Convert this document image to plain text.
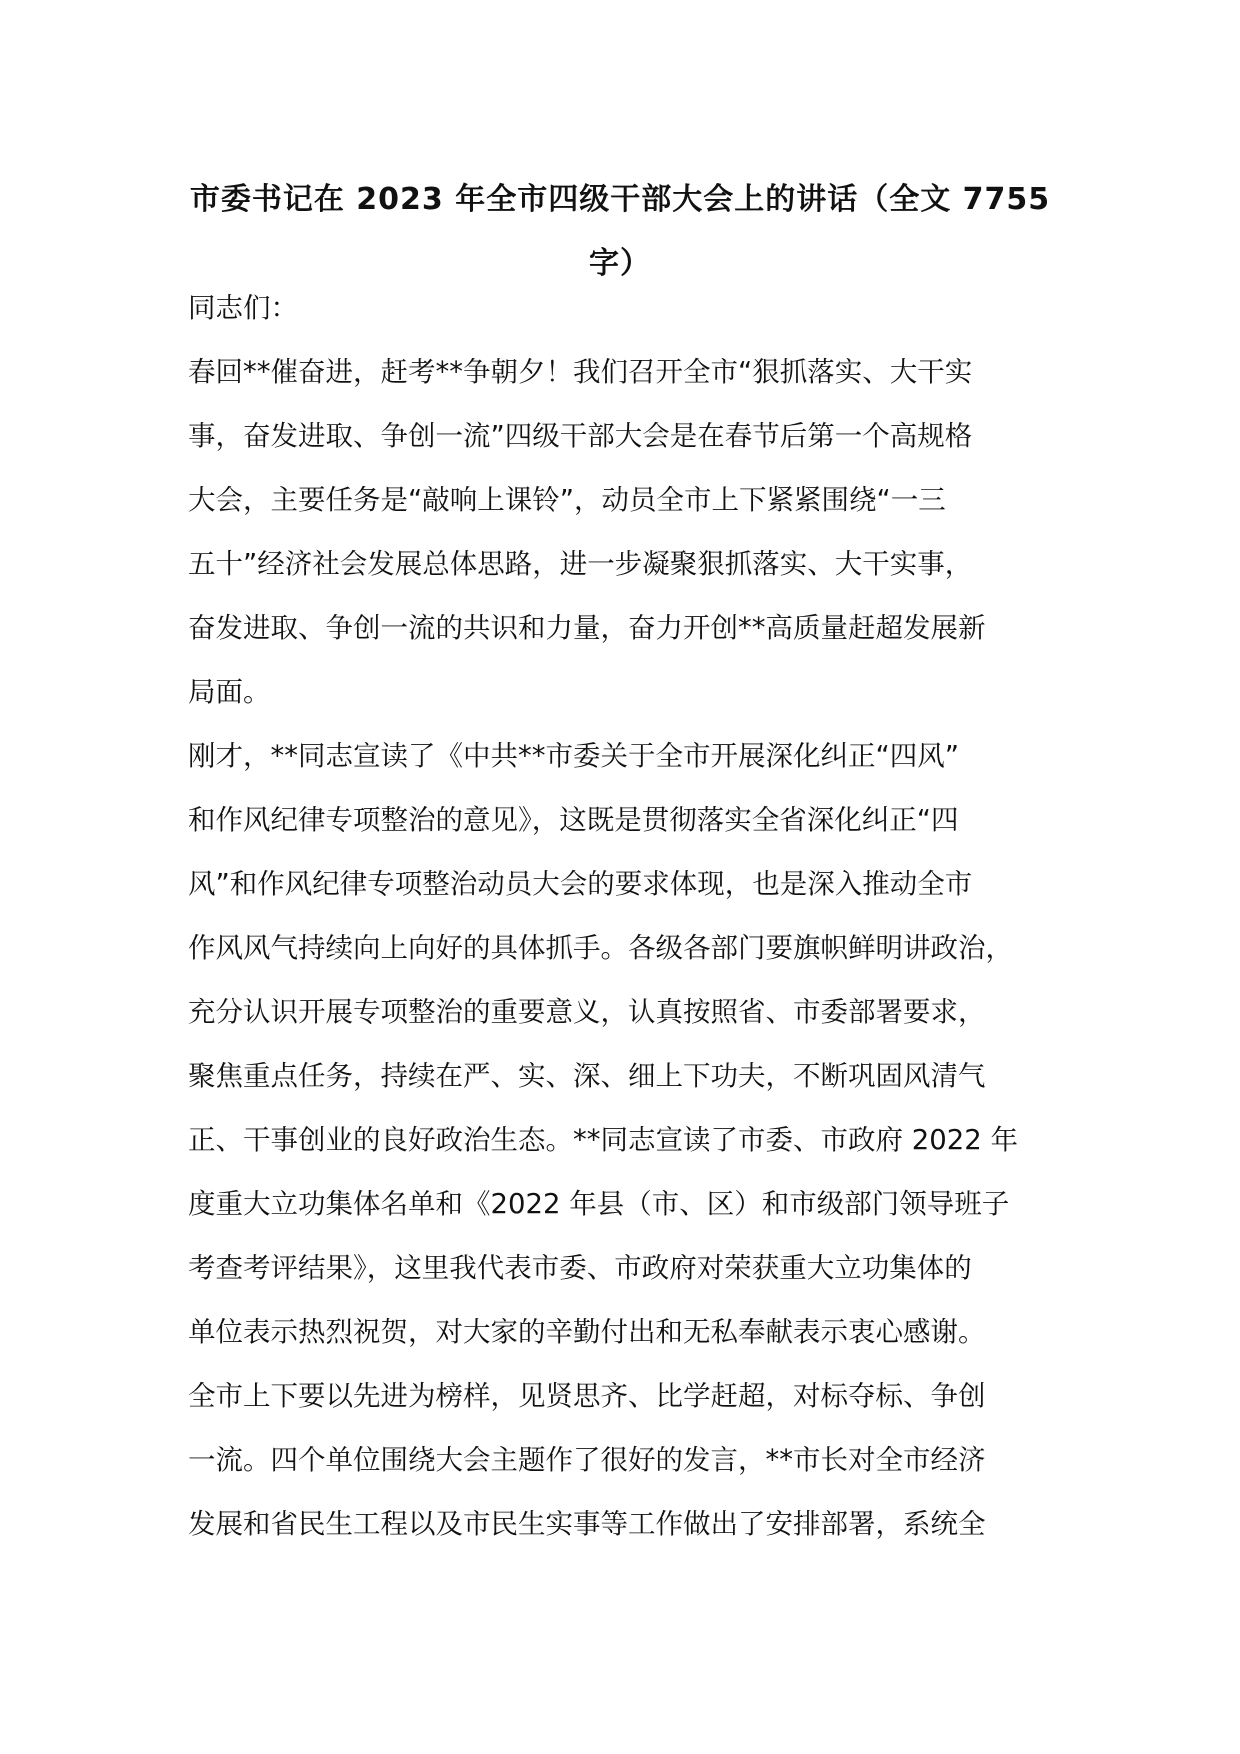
市委书记在 2023 年全市四级干部大会上的讲话（全文 7755
字）
同志们：
春回**催奋进，赶考**争朝夕！我们召开全市“狠抓落实、大干实
事，奋发进取、争创一流”四级干部大会是在春节后第一个高规格
大会，主要任务是“敲响上课铃”，动员全市上下紧紧围绕“一三
五十”经济社会发展总体思路，进一步凝聚狠抓落实、大干实事，
奋发进取、争创一流的共识和力量，奋力开创**高质量赶超发展新
局面。
刚才，**同志宣读了《中共**市委关于全市开展深化纠正“四风”
和作风纪律专项整治的意见》，这既是贯彻落实全省深化纠正“四
风”和作风纪律专项整治动员大会的要求体现，也是深入推动全市
作风风气持续向上向好的具体抓手。各级各部门要旗帜鲜明讲政治，
充分认识开展专项整治的重要意义，认真按照省、市委部署要求，
聚焦重点任务，持续在严、实、深、细上下功夫，不断巩固风清气
正、干事创业的良好政治生态。**同志宣读了市委、市政府 2022 年
度重大立功集体名单和《2022 年县（市、区）和市级部门领导班子
考查考评结果》，这里我代表市委、市政府对荣获重大立功集体的
单位表示热烈祝贺，对大家的辛勤付出和无私奉献表示衷心感谢。
全市上下要以先进为榜样，见贤思齐、比学赶超，对标夺标、争创
一流。四个单位围绕大会主题作了很好的发言，**市长对全市经济
发展和省民生工程以及市民生实事等工作做出了安排部署，系统全
